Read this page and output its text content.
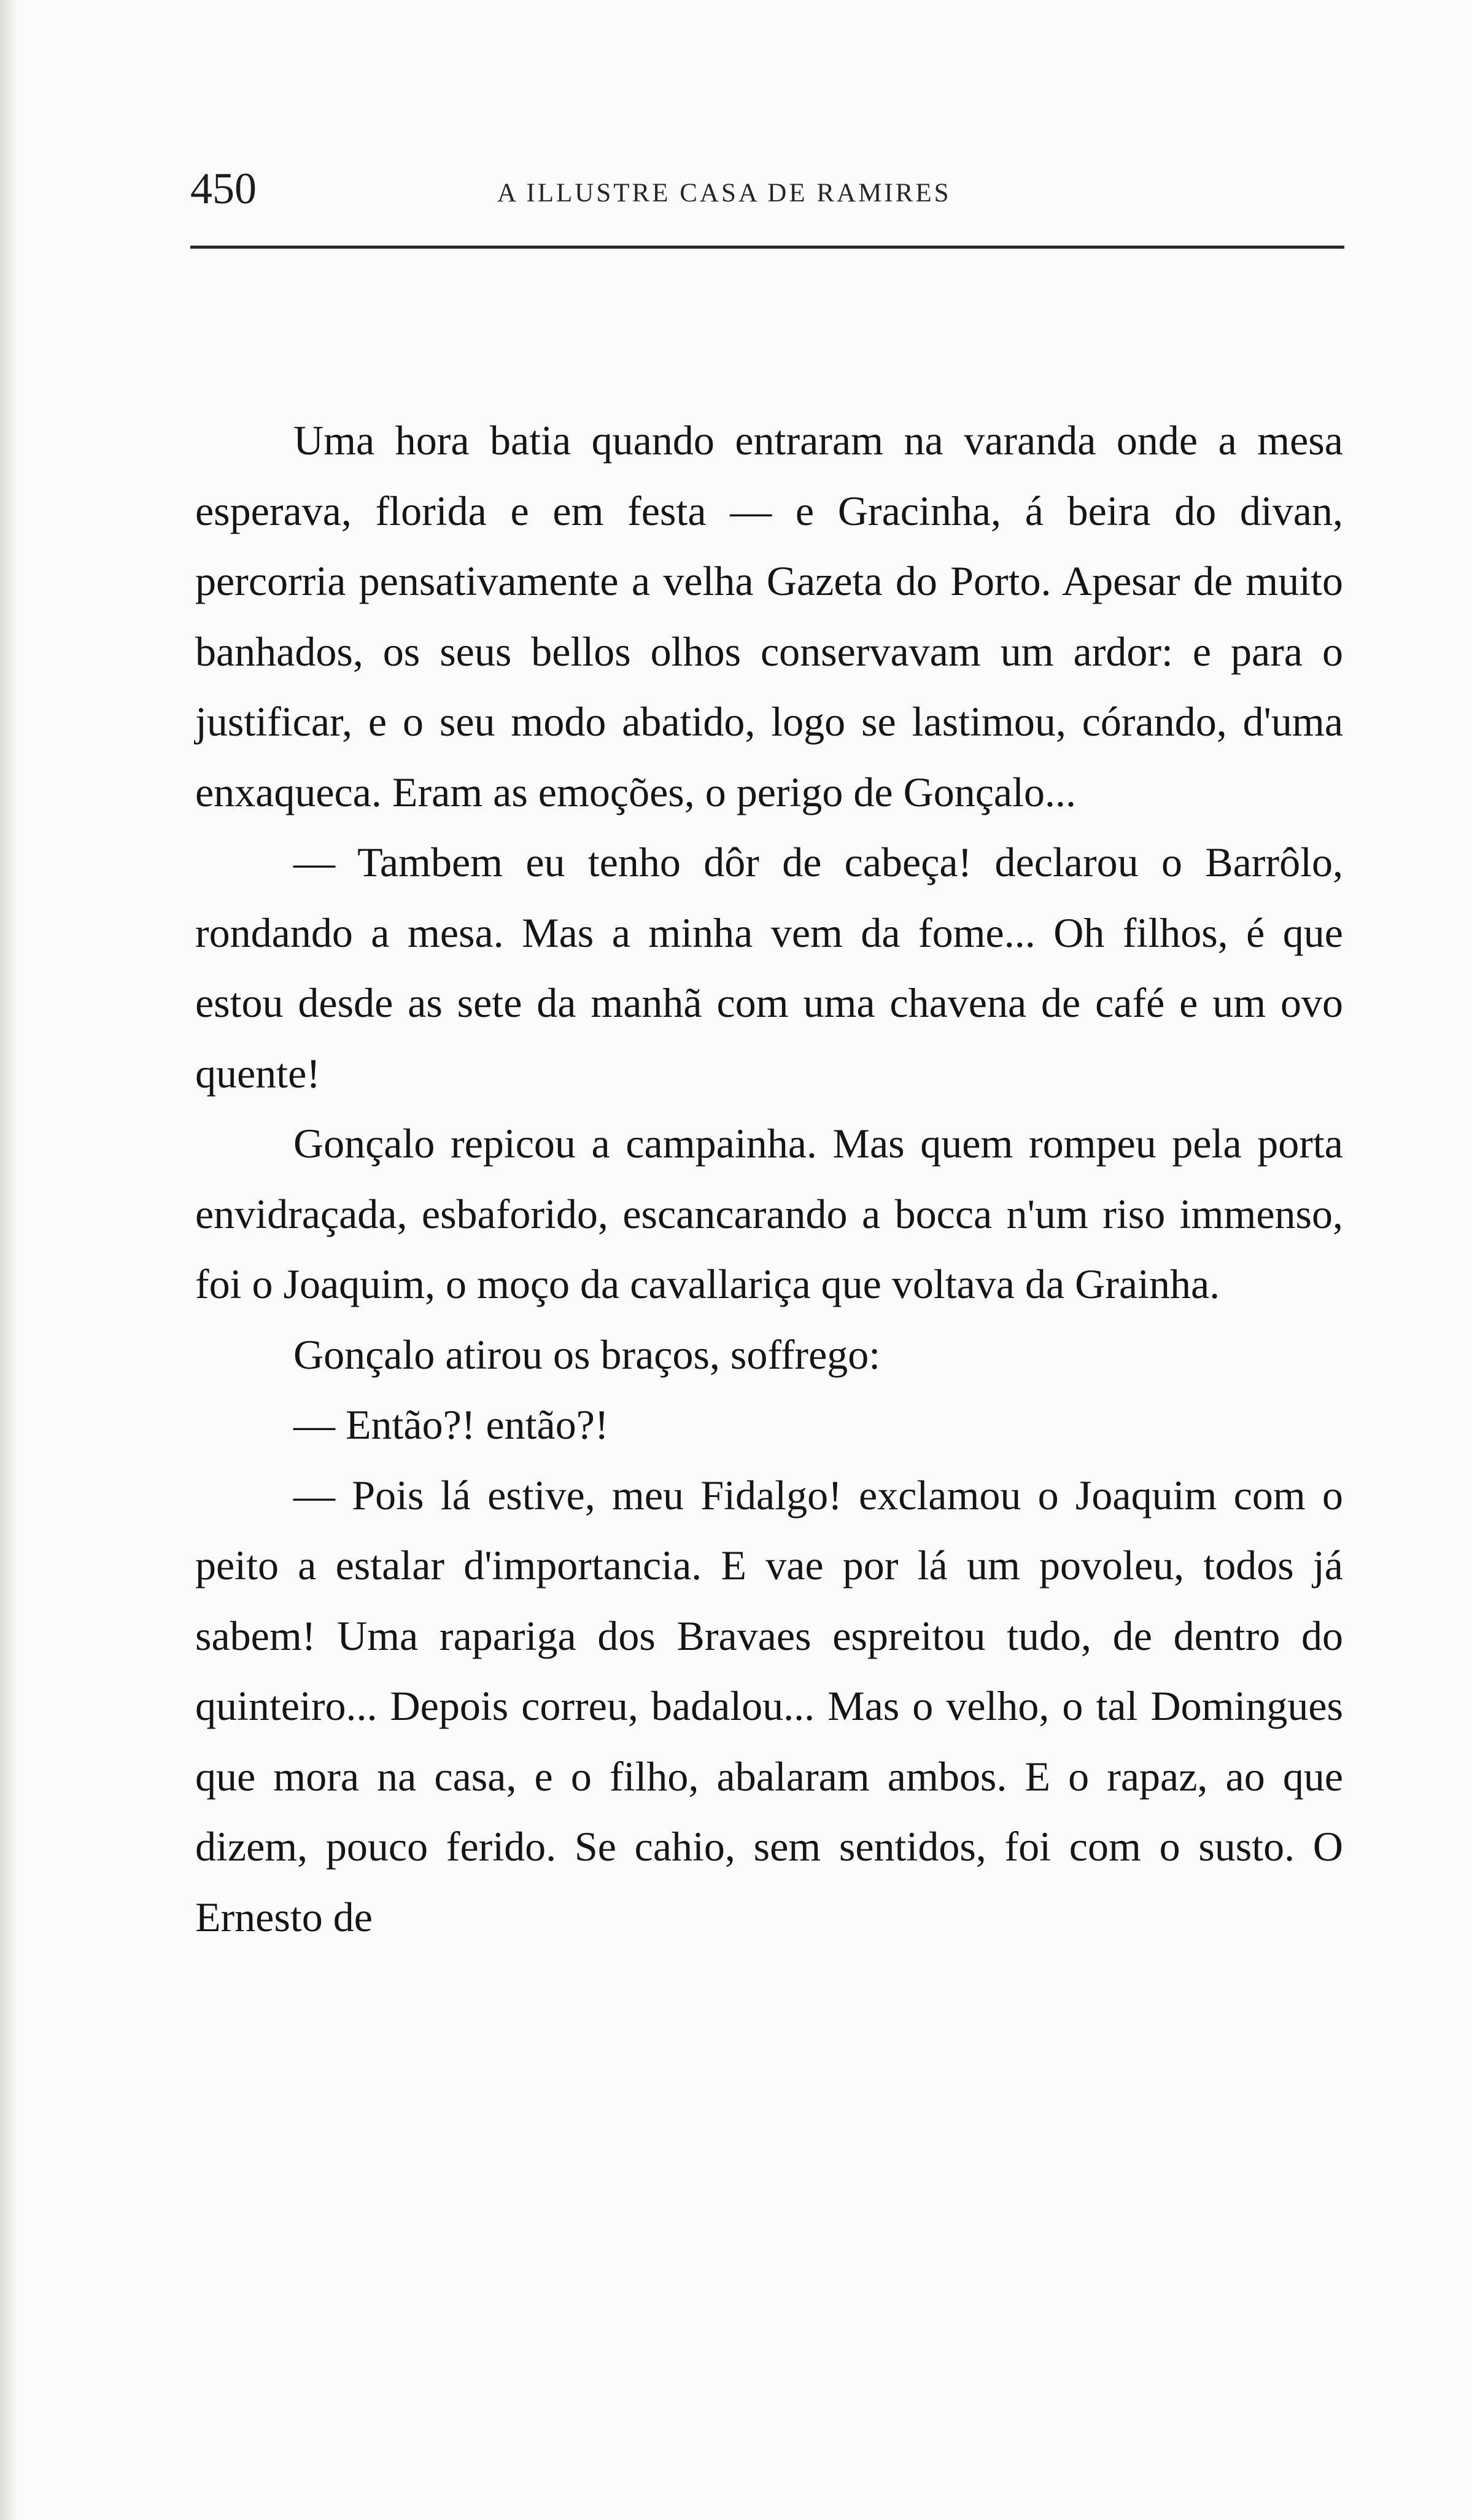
450	A ILLUSTRE CASA DE RAMIRES

Uma hora batia quando entraram na varanda onde a mesa esperava, florida e em festa — e Gracinha, á beira do divan, percorria pensativamente a velha Gazeta do Porto. Apesar de muito banhados, os seus bellos olhos conservavam um ardor: e para o justificar, e o seu modo abatido, logo se lastimou, córando, d'uma enxaqueca. Eram as emoções, o perigo de Gonçalo...

— Tambem eu tenho dôr de cabeça! declarou o Barrôlo, rondando a mesa. Mas a minha vem da fome... Oh filhos, é que estou desde as sete da manhã com uma chavena de café e um ovo quente!

Gonçalo repicou a campainha. Mas quem rompeu pela porta envidraçada, esbaforido, escancarando a bocca n'um riso immenso, foi o Joaquim, o moço da cavallariça que voltava da Grainha.

Gonçalo atirou os braços, soffrego:

— Então?! então?!

— Pois lá estive, meu Fidalgo! exclamou o Joaquim com o peito a estalar d'importancia. E vae por lá um povoleu, todos já sabem! Uma rapariga dos Bravaes espreitou tudo, de dentro do quinteiro... Depois correu, badalou... Mas o velho, o tal Domingues que mora na casa, e o filho, abalaram ambos. E o rapaz, ao que dizem, pouco ferido. Se cahio, sem sentidos, foi com o susto. O Ernesto de
